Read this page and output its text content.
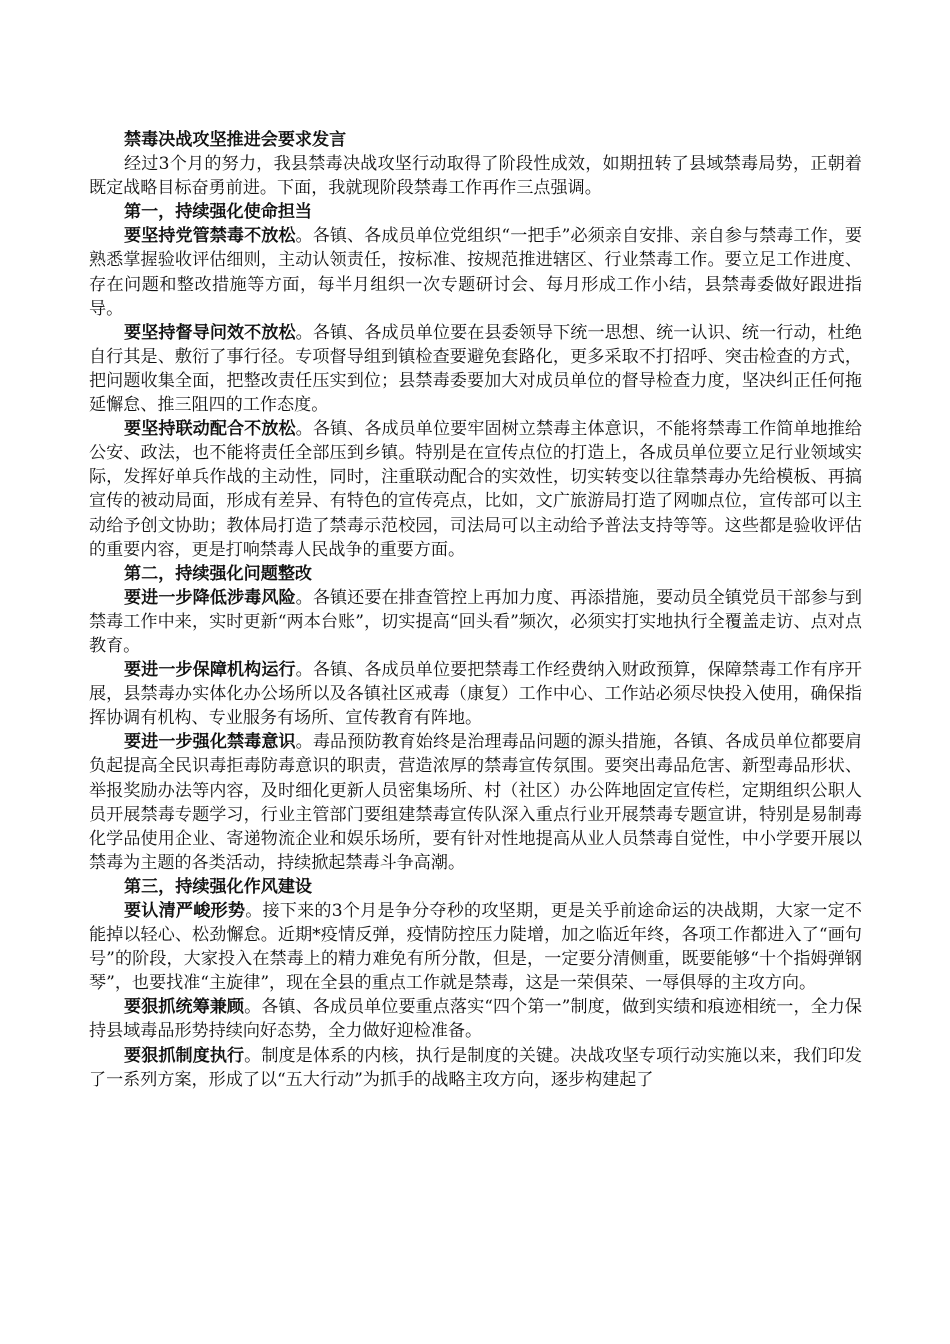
禁毒决战攻坚推进会要求发言

经过3个月的努力，我县禁毒决战攻坚行动取得了阶段性成效，如期扭转了县域禁毒局势，正朝着既定战略目标奋勇前进。下面，我就现阶段禁毒工作再作三点强调。

第一，持续强化使命担当

要坚持党管禁毒不放松。各镇、各成员单位党组织“一把手”必须亲自安排、亲自参与禁毒工作，要熟悉掌握验收评估细则，主动认领责任，按标准、按规范推进辖区、行业禁毒工作。要立足工作进度、存在问题和整改措施等方面，每半月组织一次专题研讨会、每月形成工作小结，县禁毒委做好跟进指导。

要坚持督导问效不放松。各镇、各成员单位要在县委领导下统一思想、统一认识、统一行动，杜绝自行其是、敷衍了事行径。专项督导组到镇检查要避免套路化，更多采取不打招呼、突击检查的方式，把问题收集全面，把整改责任压实到位；县禁毒委要加大对成员单位的督导检查力度，坚决纠正任何拖延懈怠、推三阻四的工作态度。

要坚持联动配合不放松。各镇、各成员单位要牢固树立禁毒主体意识，不能将禁毒工作简单地推给公安、政法，也不能将责任全部压到乡镇。特别是在宣传点位的打造上，各成员单位要立足行业领域实际，发挥好单兵作战的主动性，同时，注重联动配合的实效性，切实转变以往靠禁毒办先给模板、再搞宣传的被动局面，形成有差异、有特色的宣传亮点，比如，文广旅游局打造了网咖点位，宣传部可以主动给予创文协助；教体局打造了禁毒示范校园，司法局可以主动给予普法支持等等。这些都是验收评估的重要内容，更是打响禁毒人民战争的重要方面。

第二，持续强化问题整改

要进一步降低涉毒风险。各镇还要在排查管控上再加力度、再添措施，要动员全镇党员干部参与到禁毒工作中来，实时更新“两本台账”，切实提高“回头看”频次，必须实打实地执行全覆盖走访、点对点教育。

要进一步保障机构运行。各镇、各成员单位要把禁毒工作经费纳入财政预算，保障禁毒工作有序开展，县禁毒办实体化办公场所以及各镇社区戒毒（康复）工作中心、工作站必须尽快投入使用，确保指挥协调有机构、专业服务有场所、宣传教育有阵地。

要进一步强化禁毒意识。毒品预防教育始终是治理毒品问题的源头措施，各镇、各成员单位都要肩负起提高全民识毒拒毒防毒意识的职责，营造浓厚的禁毒宣传氛围。要突出毒品危害、新型毒品形状、举报奖励办法等内容，及时细化更新人员密集场所、村（社区）办公阵地固定宣传栏，定期组织公职人员开展禁毒专题学习，行业主管部门要组建禁毒宣传队深入重点行业开展禁毒专题宣讲，特别是易制毒化学品使用企业、寄递物流企业和娱乐场所，要有针对性地提高从业人员禁毒自觉性，中小学要开展以禁毒为主题的各类活动，持续掀起禁毒斗争高潮。

第三，持续强化作风建设

要认清严峻形势。接下来的3个月是争分夺秒的攻坚期，更是关乎前途命运的决战期，大家一定不能掉以轻心、松劲懈怠。近期*疫情反弹，疫情防控压力陡增，加之临近年终，各项工作都进入了“画句号”的阶段，大家投入在禁毒上的精力难免有所分散，但是，一定要分清侧重，既要能够“十个指姆弹钢琴”，也要找准“主旋律”，现在全县的重点工作就是禁毒，这是一荣俱荣、一辱俱辱的主攻方向。

要狠抓统筹兼顾。各镇、各成员单位要重点落实“四个第一”制度，做到实绩和痕迹相统一，全力保持县域毒品形势持续向好态势，全力做好迎检准备。

要狠抓制度执行。制度是体系的内核，执行是制度的关键。决战攻坚专项行动实施以来，我们印发了一系列方案，形成了以“五大行动”为抓手的战略主攻方向，逐步构建起了
